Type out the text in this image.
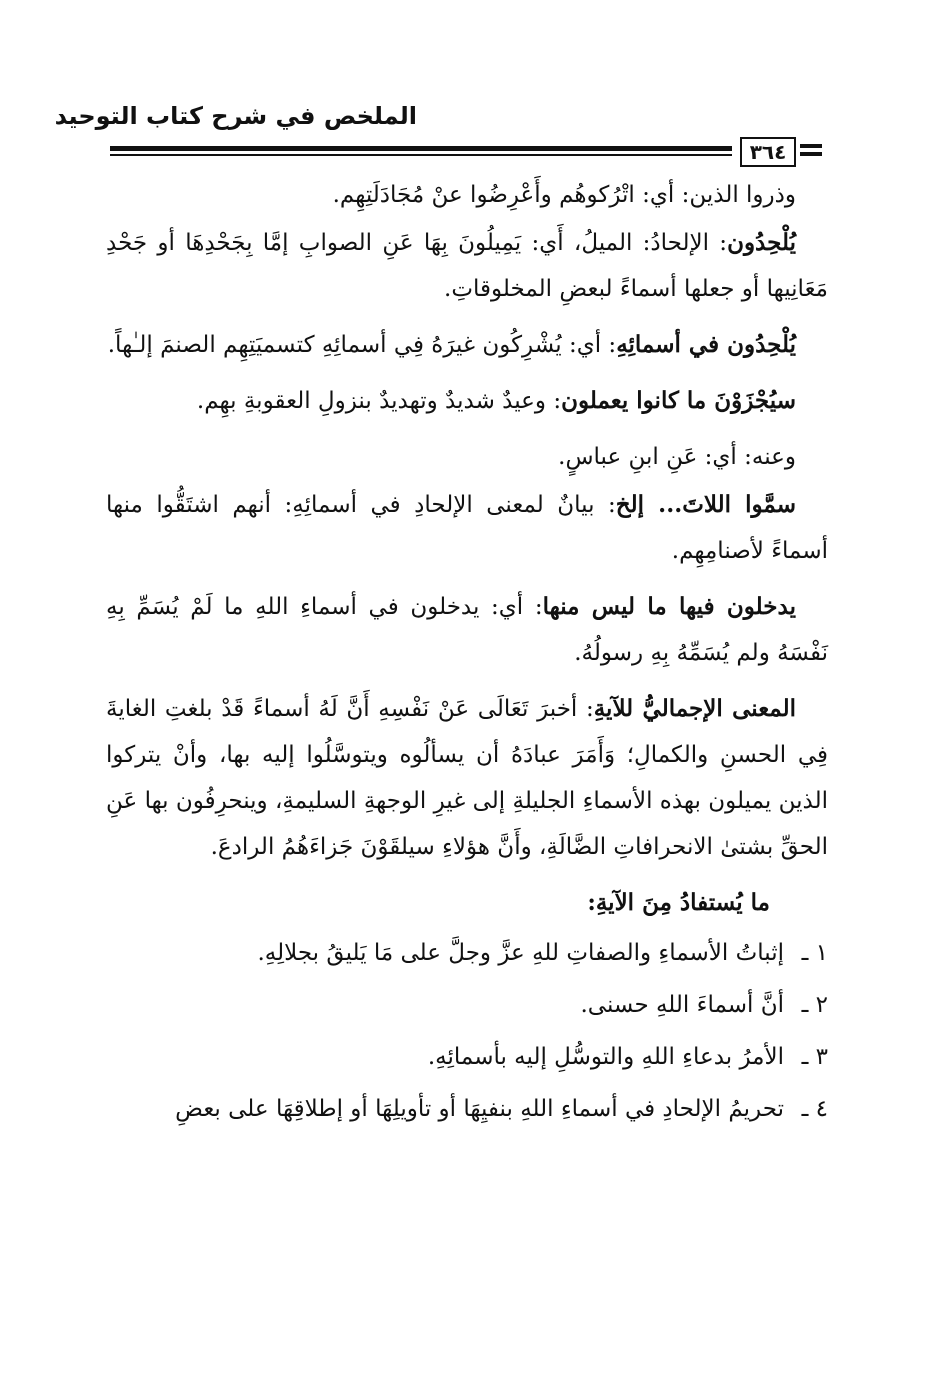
الملخص في شرح كتاب التوحيد
٣٦٤

وذروا الذين: أي: اتْرُكوهُم وأَعْرِضُوا عنْ مُجَادَلَتِهِم.

يُلْحِدُون: الإلحادُ: الميلُ، أَي: يَمِيلُونَ بِهَا عَنِ الصوابِ إمَّا بِجَحْدِهَا أو جَحْدِ مَعَانِيها أو جعلها أسماءً لبعضِ المخلوقاتِ.

يُلْحِدُون في أسمائِهِ: أي: يُشْرِكُون غيرَهُ فِي أسمائِهِ كتسميَتِهِم الصنمَ إلـٰهاً.

سيُجْزَوْنَ ما كانوا يعملون: وعيدٌ شديدٌ وتهديدٌ بنزولِ العقوبةِ بهِم.

وعنه: أي: عَنِ ابنِ عباسٍ.

سمَّوا اللاتَ... إلخ: بيانٌ لمعنى الإلحادِ في أسمائِهِ: أنهم اشتَقُّوا منها أسماءً لأصنامِهِم.

يدخلون فيها ما ليس منها: أي: يدخلون في أسماءِ اللهِ ما لَمْ يُسَمِّ بِهِ نَفْسَهُ ولم يُسَمِّهُ بِهِ رسولُهُ.

المعنى الإجماليُّ للآيةِ: أخبرَ تَعَالَى عَنْ نَفْسِهِ أَنَّ لَهُ أسماءً قَدْ بلغتِ الغايةَ فِي الحسنِ والكمالِ؛ وَأَمَرَ عبادَهُ أن يسألُوه ويتوسَّلُوا إليه بها، وأنْ يتركوا الذين يميلون بهذه الأسماءِ الجليلةِ إلى غيرِ الوجهةِ السليمةِ، وينحرِفُون بها عَنِ الحقِّ بشتىٰ الانحرافاتِ الضَّالَةِ، وأَنَّ هؤلاءِ سيلقَوْنَ جَزاءَهُمُ الرادعَ.

ما يُستفادُ مِنَ الآيةِ:

١ ـإثباتُ الأسماءِ والصفاتِ للهِ عزَّ وجلَّ على مَا يَليقُ بجلالِهِ.
٢ ـأنَّ أسماءَ اللهِ حسنى.
٣ ـالأمرُ بدعاءِ اللهِ والتوسُّلِ إليه بأسمائِهِ.
٤ ـتحريمُ الإلحادِ في أسماءِ اللهِ بنفيِهَا أو تأويلِهَا أو إطلاقِهَا على بعضِ
